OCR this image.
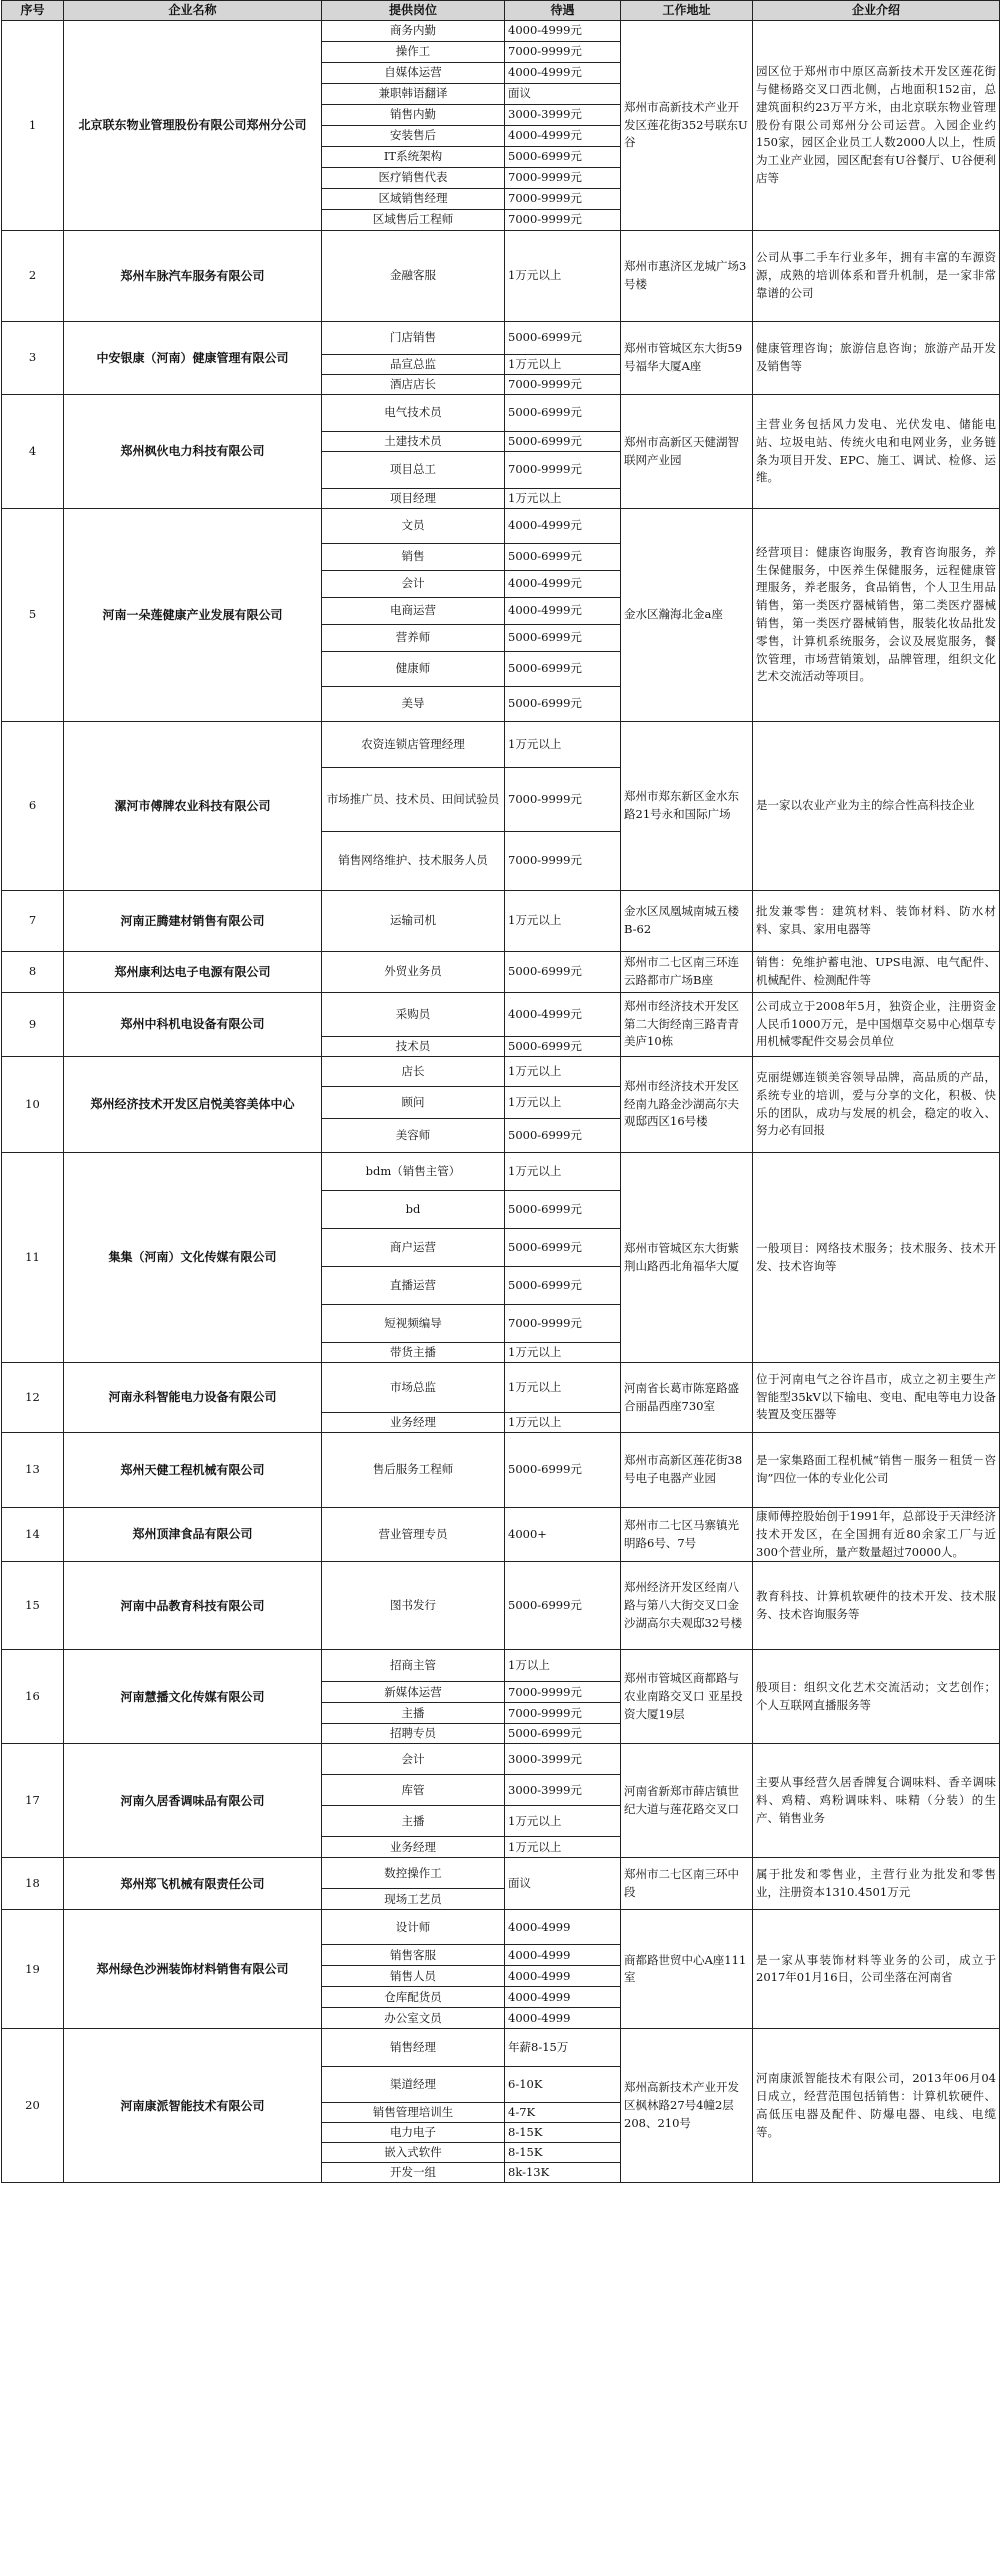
序号	企业名称	提供岗位	待遇	工作地址	企业介绍
1	北京联东物业管理股份有限公司郑州分公司	商务内勤	4000-4999元	郑州市高新技术产业开发区莲花街352号联东U谷	园区位于郑州市中原区高新技术开发区莲花街与健杨路交叉口西北侧，占地面积152亩，总建筑面积约23万平方米，由北京联东物业管理股份有限公司郑州分公司运营。入园企业约150家，园区企业员工人数2000人以上，性质为工业产业园，园区配套有U谷餐厅、U谷便利店等
		操作工	7000-9999元		
		自媒体运营	4000-4999元		
		兼职韩语翻译	面议		
		销售内勤	3000-3999元		
		安装售后	4000-4999元		
		IT系统架构	5000-6999元		
		医疗销售代表	7000-9999元		
		区域销售经理	7000-9999元		
		区域售后工程师	7000-9999元		
2	郑州车脉汽车服务有限公司	金融客服	1万元以上	郑州市惠济区龙城广场3号楼	公司从事二手车行业多年，拥有丰富的车源资源，成熟的培训体系和晋升机制，是一家非常靠谱的公司
3	中安银康（河南）健康管理有限公司	门店销售	5000-6999元	郑州市管城区东大街59号福华大厦A座	健康管理咨询；旅游信息咨询；旅游产品开发及销售等
		品宣总监	1万元以上		
		酒店店长	7000-9999元		
4	郑州枫伙电力科技有限公司	电气技术员	5000-6999元	郑州市高新区天健湖智联网产业园	主营业务包括风力发电、光伏发电、储能电站、垃圾电站、传统火电和电网业务，业务链条为项目开发、EPC、施工、调试、检修、运维。
		土建技术员	5000-6999元		
		项目总工	7000-9999元		
		项目经理	1万元以上		
5	河南一朵莲健康产业发展有限公司	文员	4000-4999元	金水区瀚海北金a座	经营项目：健康咨询服务，教育咨询服务，养生保健服务，中医养生保健服务，远程健康管理服务，养老服务，食品销售，个人卫生用品销售，第一类医疗器械销售，第二类医疗器械销售，第一类医疗器械销售，服装化妆品批发零售，计算机系统服务，会议及展览服务，餐饮管理，市场营销策划，品牌管理，组织文化艺术交流活动等项目。
		销售	5000-6999元		
		会计	4000-4999元		
		电商运营	4000-4999元		
		营养师	5000-6999元		
		健康师	5000-6999元		
		美导	5000-6999元		
6	漯河市傅牌农业科技有限公司	农资连锁店管理经理	1万元以上	郑州市郑东新区金水东路21号永和国际广场	是一家以农业产业为主的综合性高科技企业
		市场推广员、技术员、田间试验员	7000-9999元		
		销售网络维护、技术服务人员	7000-9999元		
7	河南正腾建材销售有限公司	运输司机	1万元以上	金水区凤凰城南城五楼B-62	批发兼零售：建筑材料、装饰材料、防水材料、家具、家用电器等
8	郑州康利达电子电源有限公司	外贸业务员	5000-6999元	郑州市二七区南三环连云路都市广场B座	销售：免维护蓄电池、UPS电源、电气配件、机械配件、检测配件等
9	郑州中科机电设备有限公司	采购员	4000-4999元	郑州市经济技术开发区第二大街经南三路青青美庐10栋	公司成立于2008年5月，独资企业，注册资金人民币1000万元，是中国烟草交易中心烟草专用机械零配件交易会员单位
		技术员	5000-6999元		
10	郑州经济技术开发区启悦美容美体中心	店长	1万元以上	郑州市经济技术开发区经南九路金沙湖高尔夫观邸西区16号楼	克丽缇娜连锁美容领导品牌，高品质的产品，系统专业的培训，爱与分享的文化，积极、快乐的团队，成功与发展的机会，稳定的收入、努力必有回报
		顾问	1万元以上		
		美容师	5000-6999元		
11	集集（河南）文化传媒有限公司	bdm（销售主管）	1万元以上	郑州市管城区东大街紫荆山路西北角福华大厦	一般项目：网络技术服务；技术服务、技术开发、技术咨询等
		bd	5000-6999元		
		商户运营	5000-6999元		
		直播运营	5000-6999元		
		短视频编导	7000-9999元		
		带货主播	1万元以上		
12	河南永科智能电力设备有限公司	市场总监	1万元以上	河南省长葛市陈寔路盛合丽晶西座730室	位于河南电气之谷许昌市，成立之初主要生产智能型35kV以下输电、变电、配电等电力设备装置及变压器等
		业务经理	1万元以上		
13	郑州天健工程机械有限公司	售后服务工程师	5000-6999元	郑州市高新区莲花街38号电子电器产业园	是一家集路面工程机械“销售－服务－租赁－咨询”四位一体的专业化公司
14	郑州顶津食品有限公司	营业管理专员	4000+	郑州市二七区马寨镇光明路6号、7号	康师傅控股始创于1991年，总部设于天津经济技术开发区，在全国拥有近80余家工厂与近300个营业所，量产数量超过70000人。
15	河南中品教育科技有限公司	图书发行	5000-6999元	郑州经济开发区经南八路与第八大街交叉口金沙湖高尔夫观邸32号楼	教育科技、计算机软硬件的技术开发、技术服务、技术咨询服务等
16	河南慧播文化传媒有限公司	招商主管	1万以上	郑州市管城区商都路与农业南路交叉口 亚星投资大厦19层	般项目：组织文化艺术交流活动；文艺创作；个人互联网直播服务等
		新媒体运营	7000-9999元		
		主播	7000-9999元		
		招聘专员	5000-6999元		
17	河南久居香调味品有限公司	会计	3000-3999元	河南省新郑市薛店镇世纪大道与莲花路交叉口	主要从事经营久居香牌复合调味料、香辛调味料、鸡精、鸡粉调味料、味精（分装）的生产、销售业务
		库管	3000-3999元		
		主播	1万元以上		
		业务经理	1万元以上		
18	郑州郑飞机械有限责任公司	数控操作工	面议	郑州市二七区南三环中段	属于批发和零售业，主营行业为批发和零售业，注册资本1310.4501万元
		现场工艺员			
19	郑州绿色沙洲装饰材料销售有限公司	设计师	4000-4999	商都路世贸中心A座111室	是一家从事装饰材料等业务的公司，成立于2017年01月16日，公司坐落在河南省
		销售客服	4000-4999		
		销售人员	4000-4999		
		仓库配货员	4000-4999		
		办公室文员	4000-4999		
20	河南康派智能技术有限公司	销售经理	年薪8-15万	郑州高新技术产业开发区枫林路27号4幢2层208、210号	河南康派智能技术有限公司，2013年06月04日成立，经营范围包括销售：计算机软硬件、高低压电器及配件、防爆电器、电线、电缆等。
		渠道经理	6-10K		
		销售管理培训生	4-7K		
		电力电子	8-15K		
		嵌入式软件	8-15K		
		开发一组	8k-13K		
